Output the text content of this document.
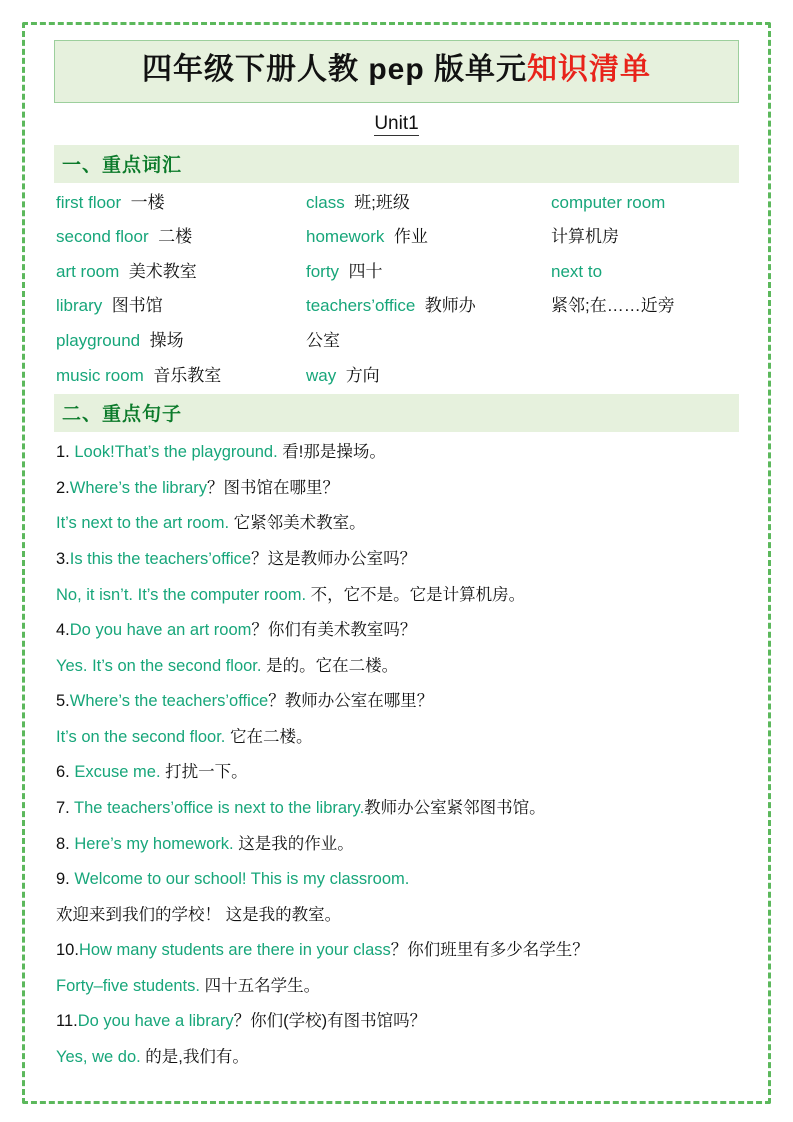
四年级下册人教 pep 版单元知识清单
Unit1
一、重点词汇
first floor 一楼	class 班;班级	computer room
second floor 二楼	homework 作业	计算机房
art room 美术教室	forty 四十	next to
library 图书馆	teachers’office 教师办	紧邻;在……近旁
playground 操场	公室
music room 音乐教室	way 方向
二、重点句子
1. Look!That’s the playground. 看!那是操场。
2.Where’s the library？图书馆在哪里？
It’s next to the art room. 它紧邻美术教室。
3.Is this the teachers’office？这是教师办公室吗？
No, it isn’t. It’s the computer room. 不，它不是。它是计算机房。
4.Do you have an art room？你们有美术教室吗？
Yes. It’s on the second floor. 是的。它在二楼。
5.Where’s the teachers’office？教师办公室在哪里？
It’s on the second floor. 它在二楼。
6. Excuse me. 打扰一下。
7. The teachers’office is next to the library.教师办公室紧邻图书馆。
8. Here’s my homework. 这是我的作业。
9. Welcome to our school! This is my classroom.
欢迎来到我们的学校！ 这是我的教室。
10.How many students are there in your class？你们班里有多少名学生？
Forty–five students. 四十五名学生。
11.Do you have a library？你们(学校)有图书馆吗？
Yes, we do. 的是,我们有。
